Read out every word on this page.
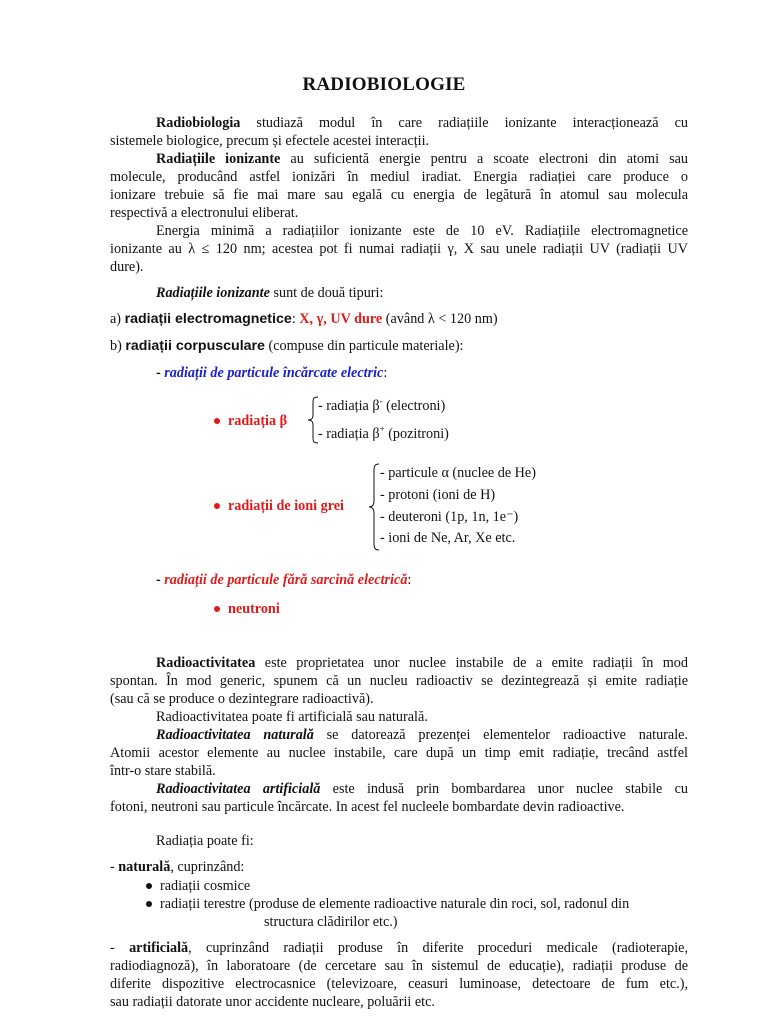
RADIOBIOLOGIE
Radiobiologia studiază modul în care radiațiile ionizante interacționează cu
sistemele biologice, precum și efectele acestei interacții.
Radiațiile ionizante au suficientă energie pentru a scoate electroni din atomi sau
molecule, producând astfel ionizări în mediul iradiat. Energia radiației care produce o
ionizare trebuie să fie mai mare sau egală cu energia de legătură în atomul sau molecula
respectivă a electronului eliberat.
Energia minimă a radiațiilor ionizante este de 10 eV. Radiațiile electromagnetice
ionizante au λ ≤ 120 nm; acestea pot fi numai radiații γ, X sau unele radiații UV (radiații UV
dure).
Radiațiile ionizante sunt de două tipuri:
a) radiații electromagnetice: X, γ, UV dure (având λ < 120 nm)
b) radiații corpusculare (compuse din particule materiale):
- radiații de particule încărcate electric:
radiația β
- radiația β- (electroni)
- radiația β+ (pozitroni)
radiații de ioni grei
- particule α (nuclee de He)
- protoni (ioni de H)
- deuteroni (1p, 1n, 1e⁻)
- ioni de Ne, Ar, Xe etc.
- radiații de particule fără sarcină electrică:
neutroni
Radioactivitatea este proprietatea unor nuclee instabile de a emite radiații în mod
spontan. În mod generic, spunem că un nucleu radioactiv se dezintegrează și emite radiație
(sau că se produce o dezintegrare radioactivă).
Radioactivitatea poate fi artificială sau naturală.
Radioactivitatea naturală se datorează prezenței elementelor radioactive naturale.
Atomii acestor elemente au nuclee instabile, care după un timp emit radiație, trecând astfel
într-o stare stabilă.
Radioactivitatea artificială este indusă prin bombardarea unor nuclee stabile cu
fotoni, neutroni sau particule încărcate. In acest fel nucleele bombardate devin radioactive.
Radiația poate fi:
- naturală, cuprinzând:
radiații cosmice
radiații terestre (produse de elemente radioactive naturale din roci, sol, radonul din
structura clădirilor etc.)
- artificială, cuprinzând radiații produse în diferite proceduri medicale (radioterapie,
radiodiagnoză), în laboratoare (de cercetare sau în sistemul de educație), radiații produse de
diferite dispozitive electrocasnice (televizoare, ceasuri luminoase, detectoare de fum etc.),
sau radiații datorate unor accidente nucleare, poluării etc.
